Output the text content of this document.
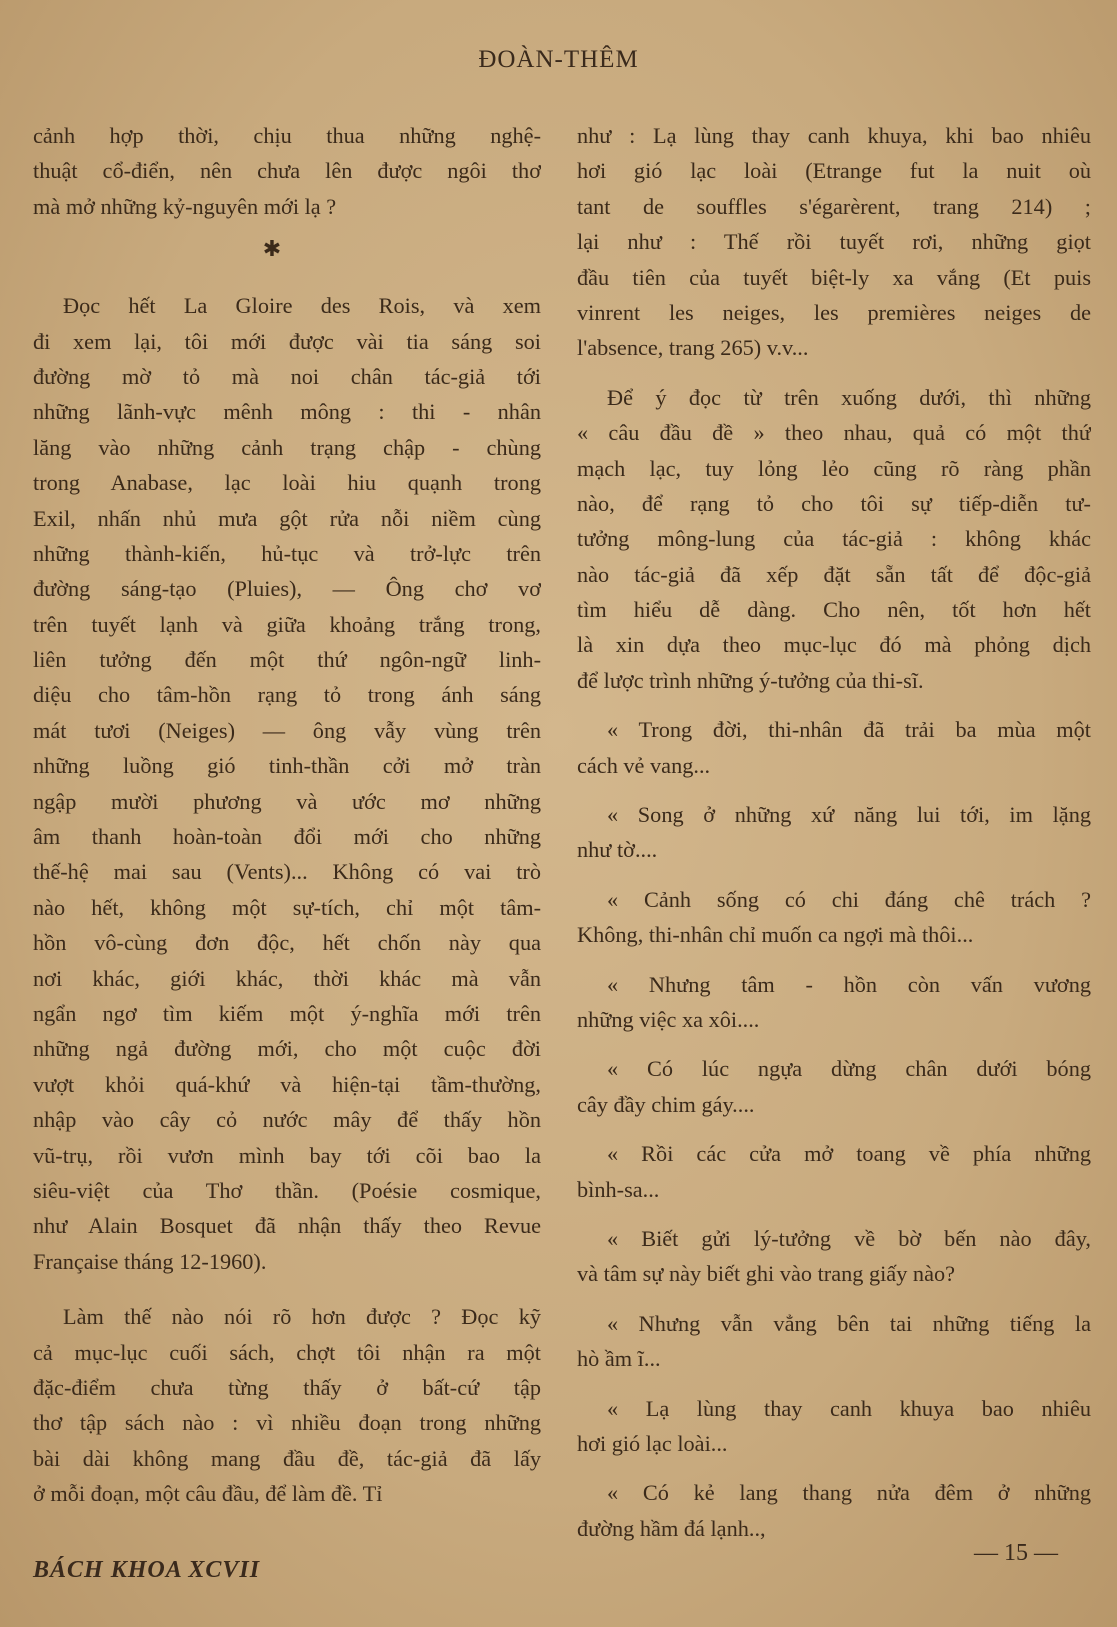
ĐOÀN-THÊM
cảnh hợp thời, chịu thua những nghệ-
thuật cổ-điển, nên chưa lên được ngôi thơ
mà mở những kỷ-nguyên mới lạ ?
✱
Đọc hết La Gloire des Rois, và xem
đi xem lại, tôi mới được vài tia sáng soi
đường mờ tỏ mà noi chân tác-giả tới
những lãnh-vực mênh mông : thi - nhân
lăng vào những cảnh trạng chập - chùng
trong Anabase, lạc loài hiu quạnh trong
Exil, nhấn nhủ mưa gột rửa nỗi niềm cùng
những thành-kiến, hủ-tục và trở-lực trên
đường sáng-tạo (Pluies), — Ông chơ vơ
trên tuyết lạnh và giữa khoảng trắng trong,
liên tưởng đến một thứ ngôn-ngữ linh-
diệu cho tâm-hồn rạng tỏ trong ánh sáng
mát tươi (Neiges) — ông vẫy vùng trên
những luồng gió tinh-thần cởi mở tràn
ngập mười phương và ước mơ những
âm thanh hoàn-toàn đổi mới cho những
thế-hệ mai sau (Vents)... Không có vai trò
nào hết, không một sự-tích, chỉ một tâm-
hồn vô-cùng đơn độc, hết chốn này qua
nơi khác, giới khác, thời khác mà vẫn
ngẩn ngơ tìm kiếm một ý-nghĩa mới trên
những ngả đường mới, cho một cuộc đời
vượt khỏi quá-khứ và hiện-tại tầm-thường,
nhập vào cây cỏ nước mây để thấy hồn
vũ-trụ, rồi vươn mình bay tới cõi bao la
siêu-việt của Thơ thần. (Poésie cosmique,
như Alain Bosquet đã nhận thấy theo Revue
Française tháng 12-1960).
Làm thế nào nói rõ hơn được ? Đọc kỹ
cả mục-lục cuối sách, chợt tôi nhận ra một
đặc-điểm chưa từng thấy ở bất-cứ tập
thơ tập sách nào : vì nhiều đoạn trong những
bài dài không mang đầu đề, tác-giả đã lấy
ở mỗi đoạn, một câu đầu, để làm đề. Tỉ
như : Lạ lùng thay canh khuya, khi bao nhiêu
hơi gió lạc loài (Etrange fut la nuit où
tant de souffles s'égarèrent, trang 214) ;
lại như : Thế rồi tuyết rơi, những giọt
đầu tiên của tuyết biệt-ly xa vắng (Et puis
vinrent les neiges, les premières neiges de
l'absence, trang 265) v.v...
Để ý đọc từ trên xuống dưới, thì những
« câu đầu đề » theo nhau, quả có một thứ
mạch lạc, tuy lỏng lẻo cũng rõ ràng phần
nào, để rạng tỏ cho tôi sự tiếp-diễn tư-
tưởng mông-lung của tác-giả : không khác
nào tác-giả đã xếp đặt sẵn tất để độc-giả
tìm hiểu dễ dàng. Cho nên, tốt hơn hết
là xin dựa theo mục-lục đó mà phỏng dịch
để lược trình những ý-tưởng của thi-sĩ.
« Trong đời, thi-nhân đã trải ba mùa một
cách vẻ vang...
« Song ở những xứ năng lui tới, im lặng
như tờ....
« Cảnh sống có chi đáng chê trách ?
Không, thi-nhân chỉ muốn ca ngợi mà thôi...
« Nhưng tâm - hồn còn vấn vương
những việc xa xôi....
« Có lúc ngựa dừng chân dưới bóng
cây đầy chim gáy....
« Rồi các cửa mở toang về phía những
bình-sa...
« Biết gửi lý-tưởng về bờ bến nào đây,
và tâm sự này biết ghi vào trang giấy nào?
« Nhưng vẫn vẳng bên tai những tiếng la
hò ầm ĩ...
« Lạ lùng thay canh khuya bao nhiêu
hơi gió lạc loài...
« Có kẻ lang thang nửa đêm ở những
đường hầm đá lạnh..,
BÁCH KHOA XCVII
— 15 —
